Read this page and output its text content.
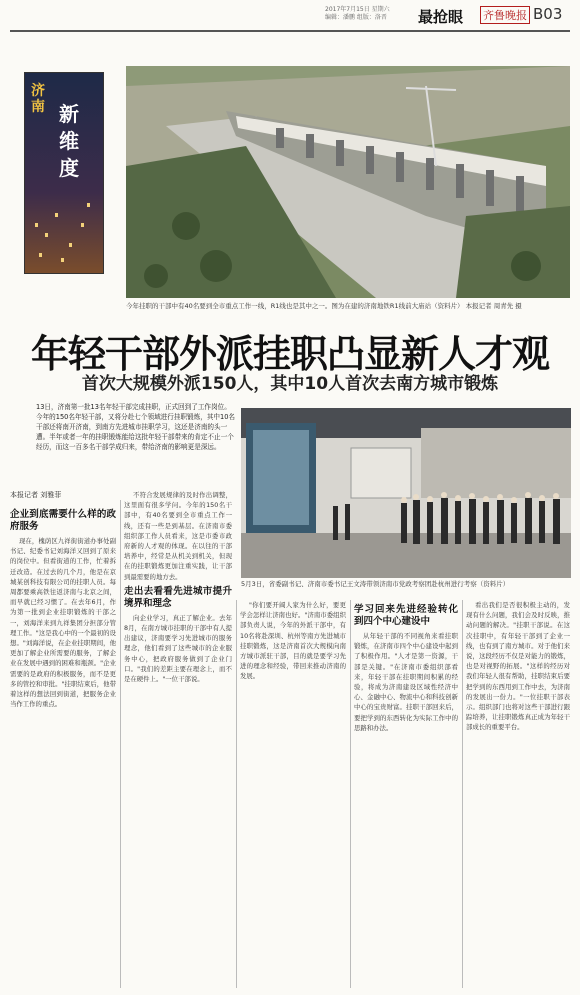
2017年7月15日 星期六
编辑：潘鹏 组版：洛晋	最抢眼 齐鲁晚报 B03
济南 新维度
今年挂职的干部中有40名要到全市重点工作一线，R1线也是其中之一。图为在建的济南地铁R1线前大庙站（资料片） 本报记者 周青先 摄
年轻干部外派挂职凸显新人才观
首次大规模外派150人，其中10人首次去南方城市锻炼
13日，济南第一批13名年轻干部完成挂职，正式回到了工作岗位。今年的150名年轻干部，又将分赴七个领域进行挂职锻炼，其中10名干部还将南开济南，到南方先进城市挂职学习，这还是济南的头一遭。半年或者一年的挂职锻炼能给这批年轻干部带来的肯定不止一个经历，而这一百多名干部学成归来，带给济南的影响更是深远。
本报记者 刘雅菲
5月3日，省委副书记、济南市委书记王文涛带领济南市党政考察团赴杭州进行考察（资料片）
企业到底需要什么样的政府服务

现在，槐荫区九祥街街道办事处副书记、纪委书记刘海洋又回到了原来的岗位中。但看街道的工作，忙着拆迁改造。在过去的几个月，他是在京城某创科技有限公司的挂职人员。每周都要乘高铁往返济南与北京之间，而早就已经习惯了。在去年6月，作为第一批到企业挂职锻炼的干部之一，刘海洋来到九祥集团分担部分管理工作。"这是我心中的一个最初的设想。"刘海洋说，在企业挂职期间，他更加了解企业所需要的服务，了解企业在发展中遇到的困难和瓶颈。"企业需要的是政府的积极服务，而不是更多的管控和审批。"挂职结束后，他带着这样的想法回到街道，把服务企业当作工作的重点。

不符合发展规律的及时作出调整，这里面有很多学问。今年的150名干部中，有40名要到全市重点工作一线，还有一些是到基层。在济南市委组织部工作人员看来，这是市委市政府新的人才观的体现。在以往的干部培养中，经常是从机关到机关，但现在的挂职锻炼更加注重实践，让干部到最需要的地方去。

走出去看看先进城市提升境界和理念

向企业学习，真正了解企业。去年8月，在南方城市挂职的干部中有人提出建议，济南要学习先进城市的服务理念，他们看到了这些城市的企业服务中心，把政府服务做到了企业门口。"我们的差距主要在理念上，而不是在硬件上。"一位干部说。

"你们要开阔人家为什么好，要更学会怎样让济南也好。"济南市委组织部负责人说，今年的外派干部中，有10名将赴深圳、杭州等南方先进城市挂职锻炼，这是济南首次大规模向南方城市派驻干部，目的就是要学习先进的理念和经验，带回来推动济南的发展。

学习回来先进经验转化到四个中心建设中

从年轻干部的不同视角来看挂职锻炼，在济南市四个中心建设中起到了积极作用。"人才是第一资源，干部是关键。"在济南市委组织部看来，年轻干部在挂职期间积累的经验，将成为济南建设区域性经济中心、金融中心、物流中心和科技创新中心的宝贵财富。挂职干部回来后，要把学到的东西转化为实际工作中的思路和办法。

看出我们是否很积极主动的，发现有什么问题，我们会及时反映，推动问题的解决。"挂职干部说。在这次挂职中，有年轻干部到了企业一线，也有到了南方城市。对于他们来说，这段经历不仅是对能力的锻炼，也是对视野的拓展。"这样的经历对我们年轻人很有帮助，挂职结束后要把学到的东西用到工作中去，为济南的发展出一份力。"一位挂职干部表示。组织部门也将对这些干部进行跟踪培养，让挂职锻炼真正成为年轻干部成长的重要平台。
